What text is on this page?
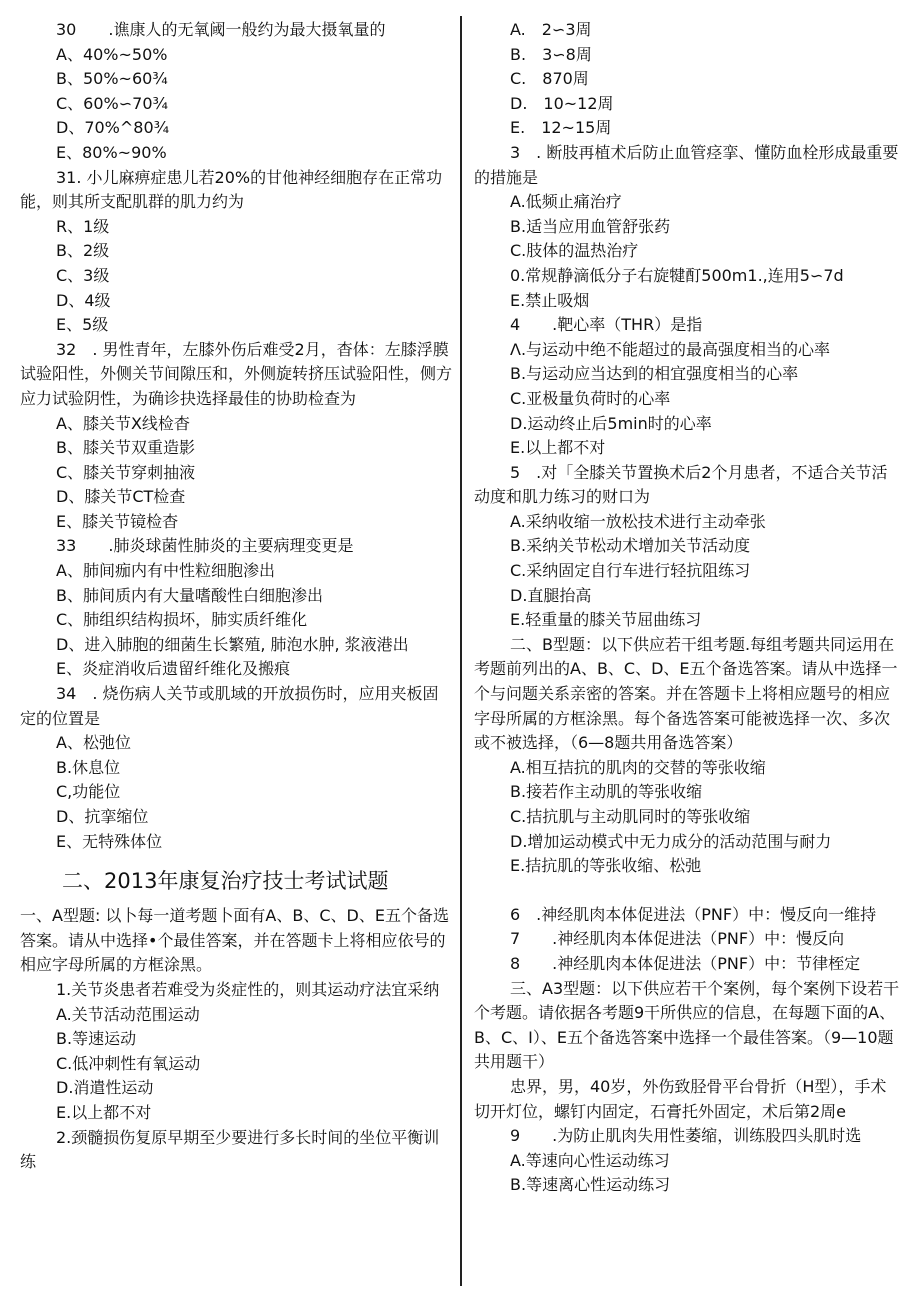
30　　.谯康人的无氧阈一般约为最大摄氧量的
A、40%~50%
B、50%~60¾
C、60%∽70¾
D、70%^80¾
E、80%~90%
31. 小儿麻痹症患儿若20%的甘他神经细胞存在正常功能，则其所支配肌群的肌力约为
R、1级
B、2级
C、3级
D、4级
E、5级
32　. 男性青年，左膝外伤后难受2月，杳体：左膝浮膜试验阳性，外侧关节间隙压和，外侧旋转挤压试验阳性，侧方应力试验阴性，为确诊抉选择最佳的协助检查为
A、膝关节X线检杳
B、膝关节双重造影
C、膝关节穿刺抽液
D、膝关节CT检查
E、膝关节镜检杳
33　　.肺炎球菌性肺炎的主要病理变更是
A、肺间痂内有中性粒细胞渗出
B、肺间质内有大量嗜酸性白细胞渗出
C、肺组织结构损坏，肺实质纤维化
D、进入肺胞的细菌生长繁殖, 肺泡水肿, 浆液港出
E、炎症消收后遗留纤维化及搬痕
34　. 烧伤病人关节或肌域的开放损伤时，应用夹板固定的位置是
A、松弛位
B.休息位
C,功能位
D、抗挛缩位
E、无特殊体位
二、2013年康复治疗技士考试试题
一、A型题: 以卜每一道考题卜面有A、B、C、D、E五个备选答案。请从中选择•个最佳答案，并在答题卡上将相应依号的相应字母所属的方框涂黑。
1.关节炎患者若难受为炎症性的，则其运动疗法宜采纳
A.关节活动范围运动
B.等速运动
C.低冲刺性有氧运动
D.消遣性运动
E.以上都不对
2.颈髓损伤复原早期至少要进行多长时间的坐位平衡训练
A.　2∽3周
B.　3∽8周
C.　870周
D.　10~12周
E.　12~15周
3　. 断肢再植术后防止血管痉挛、懂防血栓形成最重要的措施是
A.低频止痛治疗
B.适当应用血管舒张药
C.肢体的温热治疗
0.常规静滴低分子右旋犍酊500m1.,连用5∽7d
E.禁止吸烟
4　　.靶心率（THR）是指
Λ.与运动中绝不能超过的最高强度相当的心率
B.与运动应当达到的相宜强度相当的心率
C.亚极量负荷时的心率
D.运动终止后5min时的心率
E.以上都不对
5　.对「全膝关节置换术后2个月患者，不适合关节活动度和肌力练习的财口为
A.采纳收缩一放松技术进行主动牵张
B.采纳关节松动术增加关节活动度
C.采纳固定自行车进行轻抗阻练习
D.直腿抬高
E.轻重量的膝关节屈曲练习
二、B型题：以下供应若干组考题.每组考题共同运用在考题前列出的A、B、C、D、E五个备选答案。请从中选择一个与问题关系亲密的答案。并在答题卡上将相应题号的相应字母所属的方框涂黑。每个备选答案可能被选择一次、多次或不被选择，（6—8题共用备选答案）
A.相互拮抗的肌肉的交替的等张收缩
B.接若作主动肌的等张收缩
C.拮抗肌与主动肌同时的等张收缩
D.增加运动模式中无力成分的活动范围与耐力
E.拮抗肌的等张收缩、松弛
6　.神经肌肉本体促进法（PNF）中：慢反向一维持
7　　.神经肌肉本体促进法（PNF）中：慢反向
8　　.神经肌肉本体促进法（PNF）中：节律桎定
三、A3型题：以下供应若干个案例，每个案例下设若干个考题。请依据各考题9干所供应的信息，在每题下面的A、B、C、I）、E五个备选答案中选择一个最佳答案。（9—10题共用题干）
忠界，男，40岁，外伤致胫骨平台骨折（H型），手术切开灯位，螺钉内固定，石膏托外固定，术后第2周e
9　　.为防止肌肉失用性萎缩，训练股四头肌时选
A.等速向心性运动练习
B.等速离心性运动练习
